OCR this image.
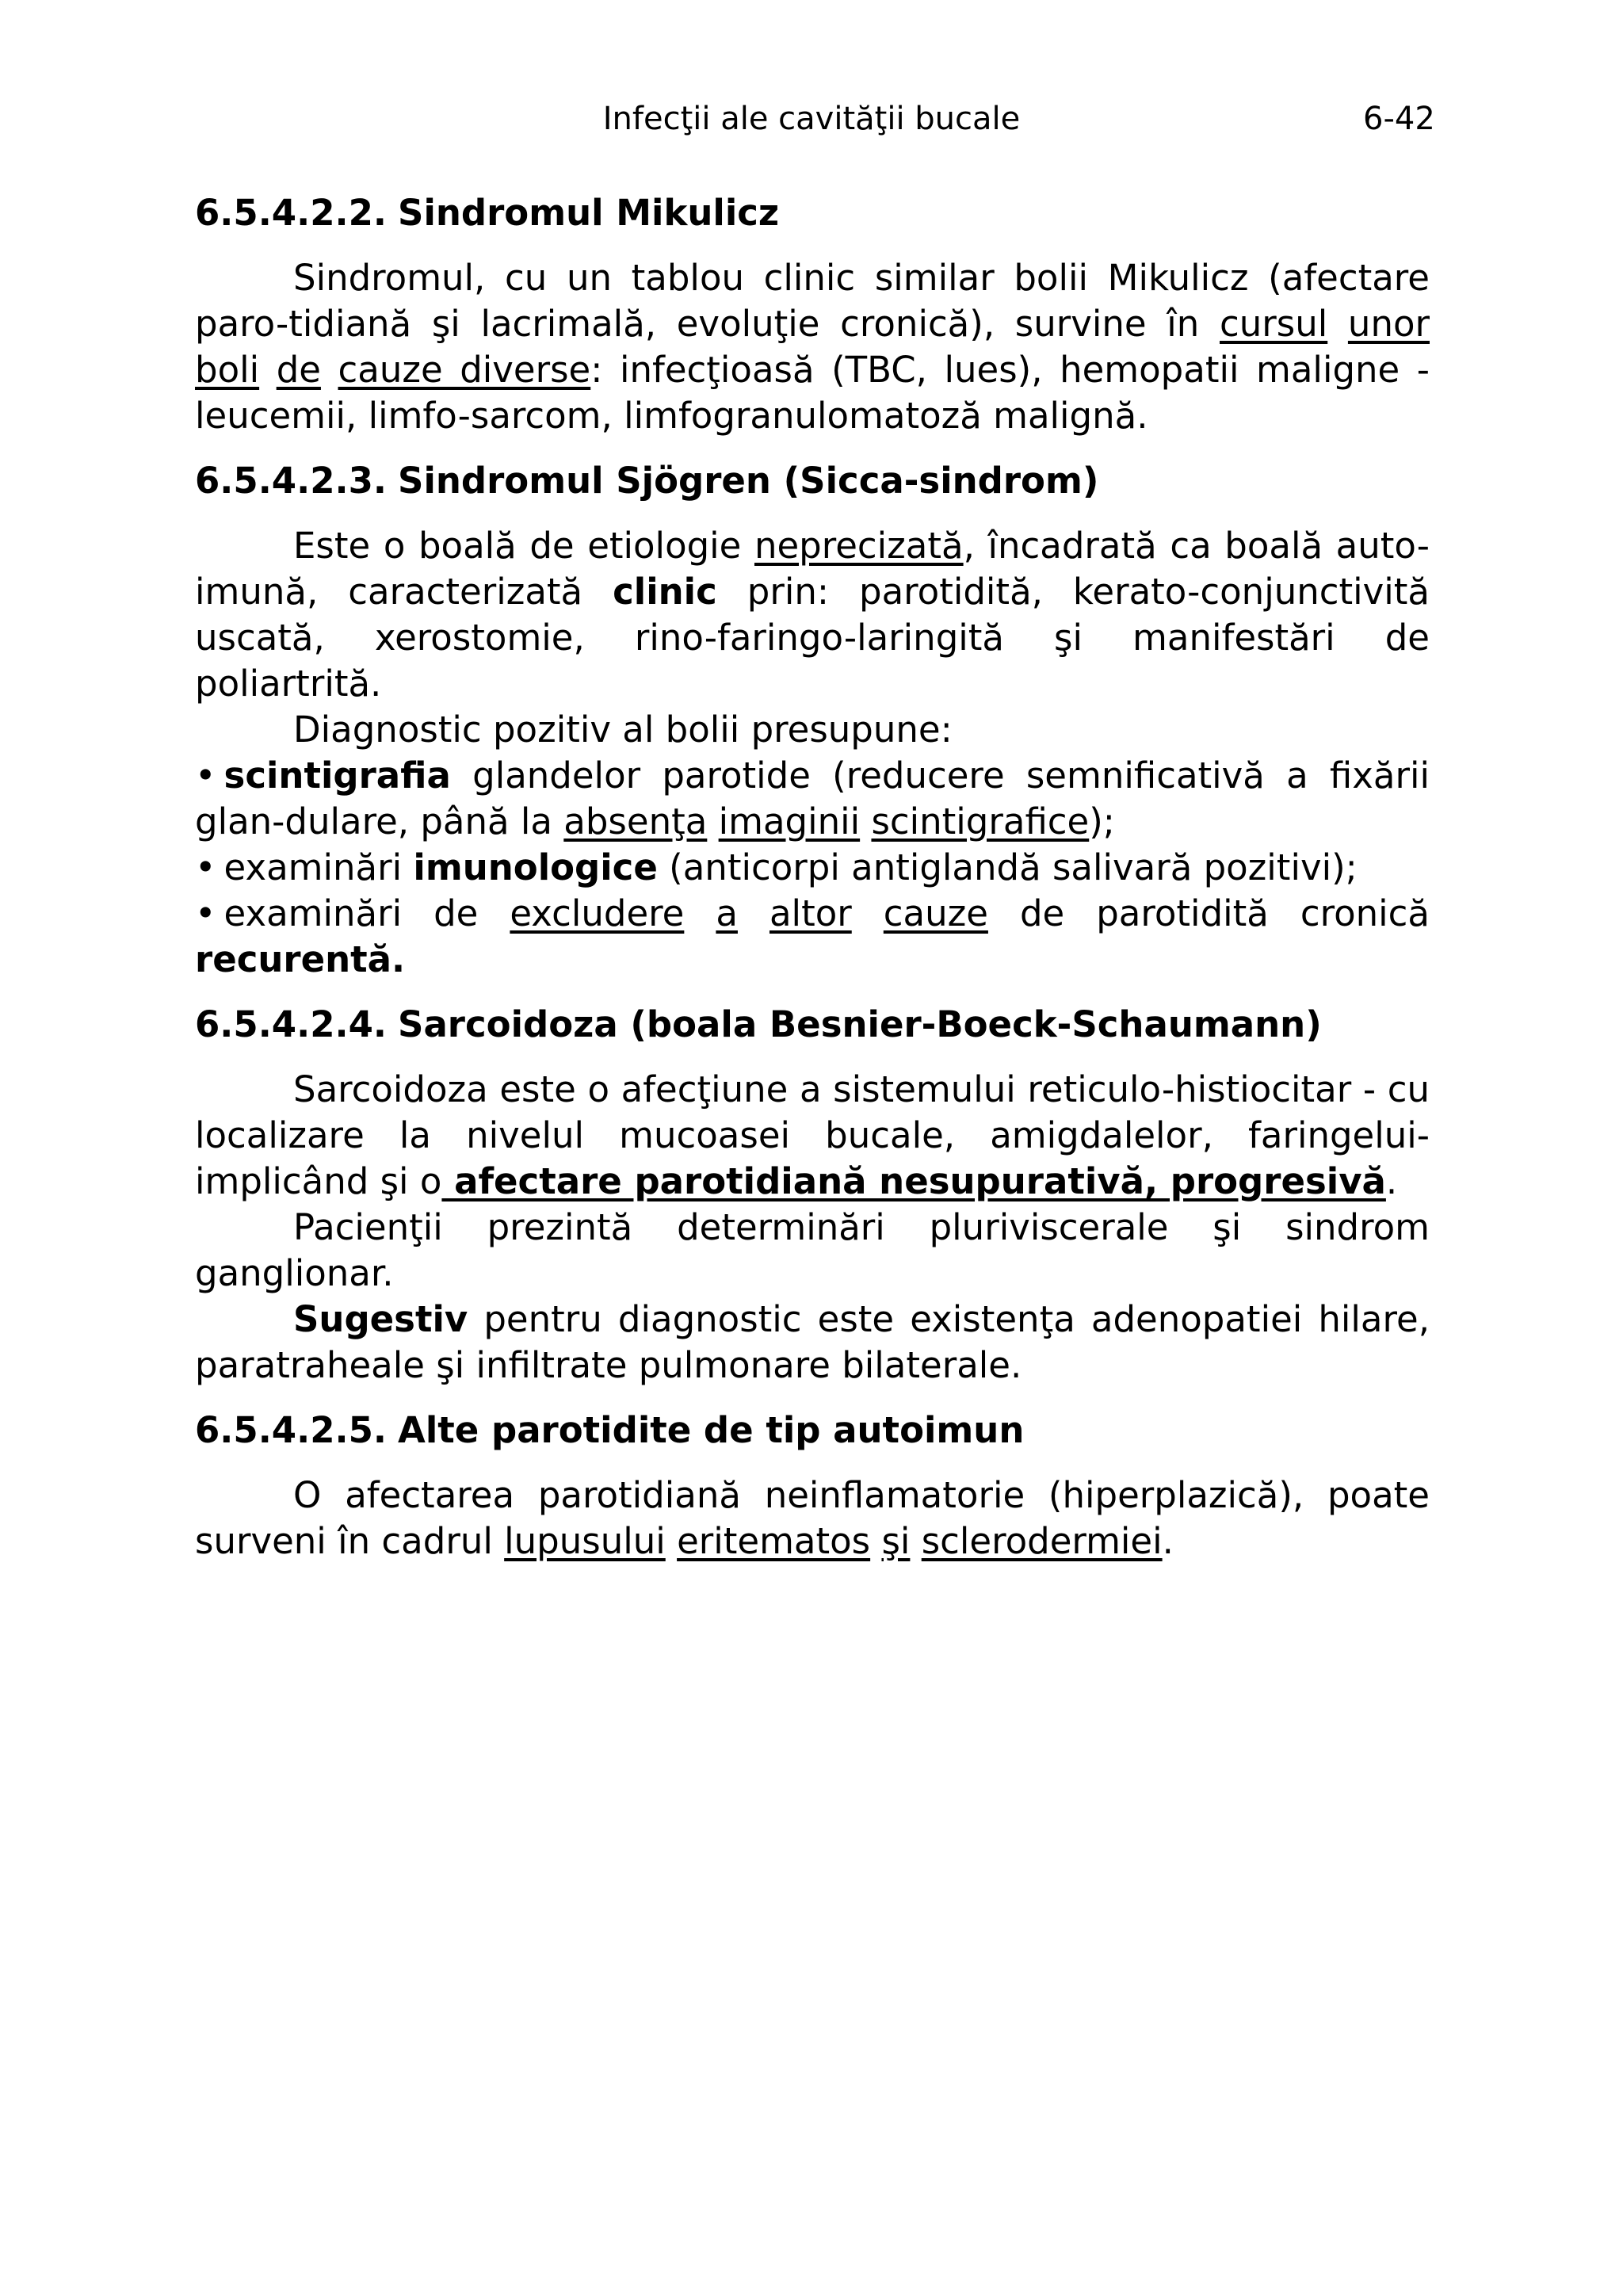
Infecţii ale cavităţii bucale	6-42
6.5.4.2.2. Sindromul Mikulicz

Sindromul, cu un tablou clinic similar bolii Mikulicz (afectare paro-tidiană şi lacrimală, evoluţie cronică), survine în cursul unor boli de cauze diverse: infecţioasă (TBC, lues), hemopatii maligne - leucemii, limfo-sarcom, limfogranulomatoză malignă.

6.5.4.2.3. Sindromul Sjögren (Sicca-sindrom)

Este o boală de etiologie neprecizată, încadrată ca boală auto-imună, caracterizată clinic prin: parotidită, kerato-conjunctivită uscată, xerostomie, rino-faringo-laringită şi manifestări de poliartrită.

Diagnostic pozitiv al bolii presupune:

• scintigrafia glandelor parotide (reducere semnificativă a fixării glan-dulare, până la absenţa imaginii scintigrafice);

• examinări imunologice (anticorpi antiglandă salivară pozitivi);

• examinări de excludere a altor cauze de parotidită cronică recurentă.

6.5.4.2.4. Sarcoidoza (boala Besnier-Boeck-Schaumann)

Sarcoidoza este o afecţiune a sistemului reticulo-histiocitar - cu localizare la nivelul mucoasei bucale, amigdalelor, faringelui- implicând şi o afectare parotidiană nesupurativă, progresivă.

Pacienţii prezintă determinări pluriviscerale şi sindrom ganglionar.

Sugestiv pentru diagnostic este existenţa adenopatiei hilare, paratraheale şi infiltrate pulmonare bilaterale.

6.5.4.2.5. Alte parotidite de tip autoimun

O afectarea parotidiană neinflamatorie (hiperplazică), poate surveni în cadrul lupusului eritematos şi sclerodermiei.
